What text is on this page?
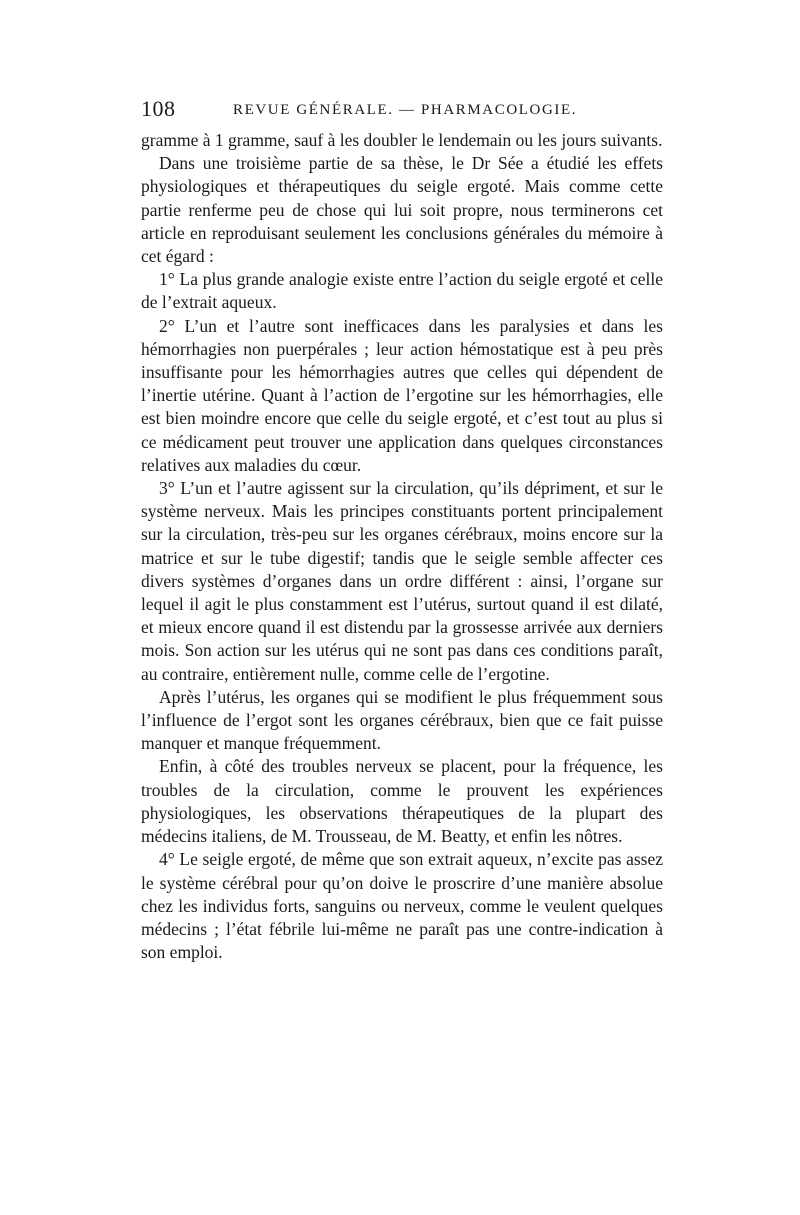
108	REVUE GÉNÉRALE. — PHARMACOLOGIE.

gramme à 1 gramme, sauf à les doubler le lendemain ou les jours suivants.

Dans une troisième partie de sa thèse, le Dr Sée a étudié les effets physiologiques et thérapeutiques du seigle ergoté. Mais comme cette partie renferme peu de chose qui lui soit propre, nous terminerons cet article en reproduisant seulement les conclusions générales du mémoire à cet égard :

1° La plus grande analogie existe entre l’action du seigle ergoté et celle de l’extrait aqueux.

2° L’un et l’autre sont inefficaces dans les paralysies et dans les hémorrhagies non puerpérales ; leur action hémostatique est à peu près insuffisante pour les hémorrhagies autres que celles qui dépendent de l’inertie utérine. Quant à l’action de l’ergotine sur les hémorrhagies, elle est bien moindre encore que celle du seigle ergoté, et c’est tout au plus si ce médicament peut trouver une application dans quelques circonstances relatives aux maladies du cœur.

3° L’un et l’autre agissent sur la circulation, qu’ils dépriment, et sur le système nerveux. Mais les principes constituants portent principalement sur la circulation, très-peu sur les organes cérébraux, moins encore sur la matrice et sur le tube digestif; tandis que le seigle semble affecter ces divers systèmes d’organes dans un ordre différent : ainsi, l’organe sur lequel il agit le plus constamment est l’utérus, surtout quand il est dilaté, et mieux encore quand il est distendu par la grossesse arrivée aux derniers mois. Son action sur les utérus qui ne sont pas dans ces conditions paraît, au contraire, entièrement nulle, comme celle de l’ergotine.

Après l’utérus, les organes qui se modifient le plus fréquemment sous l’influence de l’ergot sont les organes cérébraux, bien que ce fait puisse manquer et manque fréquemment.

Enfin, à côté des troubles nerveux se placent, pour la fréquence, les troubles de la circulation, comme le prouvent les expériences physiologiques, les observations thérapeutiques de la plupart des médecins italiens, de M. Trousseau, de M. Beatty, et enfin les nôtres.

4° Le seigle ergoté, de même que son extrait aqueux, n’excite pas assez le système cérébral pour qu’on doive le proscrire d’une manière absolue chez les individus forts, sanguins ou nerveux, comme le veulent quelques médecins ; l’état fébrile lui-même ne paraît pas une contre-indication à son emploi.
